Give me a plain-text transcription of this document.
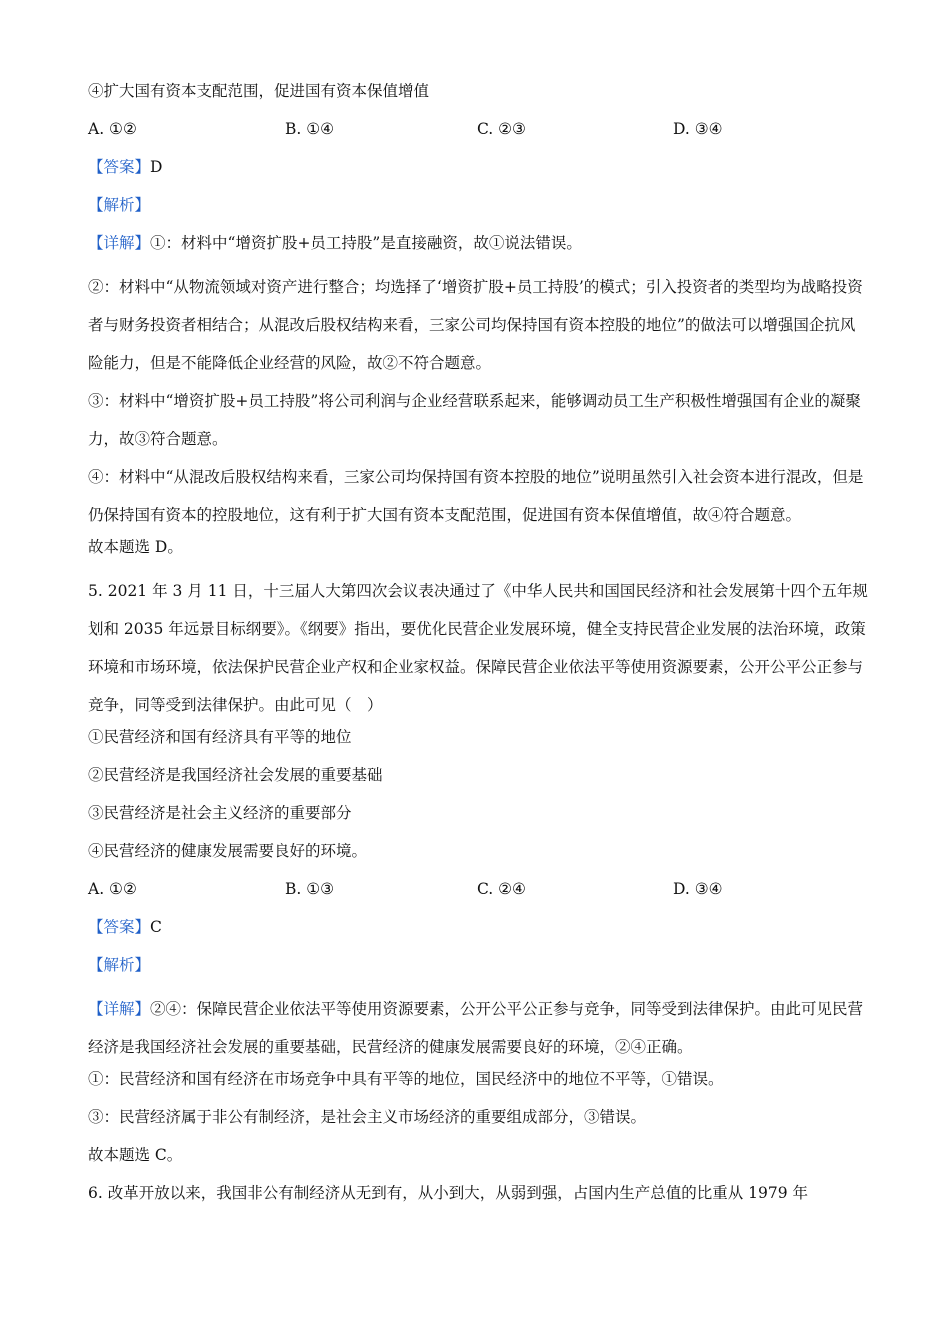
④扩大国有资本支配范围，促进国有资本保值增值
A. ①②	B. ①④	C. ②③	D. ③④
【答案】D
【解析】
【详解】①：材料中“增资扩股+员工持股”是直接融资，故①说法错误。
②：材料中“从物流领域对资产进行整合；均选择了‘增资扩股+员工持股’的模式；引入投资者的类型均为战略投资者与财务投资者相结合；从混改后股权结构来看，三家公司均保持国有资本控股的地位”的做法可以增强国企抗风险能力，但是不能降低企业经营的风险，故②不符合题意。
③：材料中“增资扩股+员工持股”将公司利润与企业经营联系起来，能够调动员工生产积极性增强国有企业的凝聚力，故③符合题意。
④：材料中“从混改后股权结构来看，三家公司均保持国有资本控股的地位”说明虽然引入社会资本进行混改，但是仍保持国有资本的控股地位，这有利于扩大国有资本支配范围，促进国有资本保值增值，故④符合题意。
故本题选 D。
5. 2021 年 3 月 11 日，十三届人大第四次会议表决通过了《中华人民共和国国民经济和社会发展第十四个五年规划和 2035 年远景目标纲要》。《纲要》指出，要优化民营企业发展环境，健全支持民营企业发展的法治环境，政策环境和市场环境，依法保护民营企业产权和企业家权益。保障民营企业依法平等使用资源要素，公开公平公正参与竞争，同等受到法律保护。由此可见（　）
①民营经济和国有经济具有平等的地位
②民营经济是我国经济社会发展的重要基础
③民营经济是社会主义经济的重要部分
④民营经济的健康发展需要良好的环境。
A. ①②	B. ①③	C. ②④	D. ③④
【答案】C
【解析】
【详解】②④：保障民营企业依法平等使用资源要素，公开公平公正参与竞争，同等受到法律保护。由此可见民营经济是我国经济社会发展的重要基础，民营经济的健康发展需要良好的环境，②④正确。
①：民营经济和国有经济在市场竞争中具有平等的地位，国民经济中的地位不平等，①错误。
③：民营经济属于非公有制经济，是社会主义市场经济的重要组成部分，③错误。
故本题选 C。
6. 改革开放以来，我国非公有制经济从无到有，从小到大，从弱到强，占国内生产总值的比重从 1979 年
